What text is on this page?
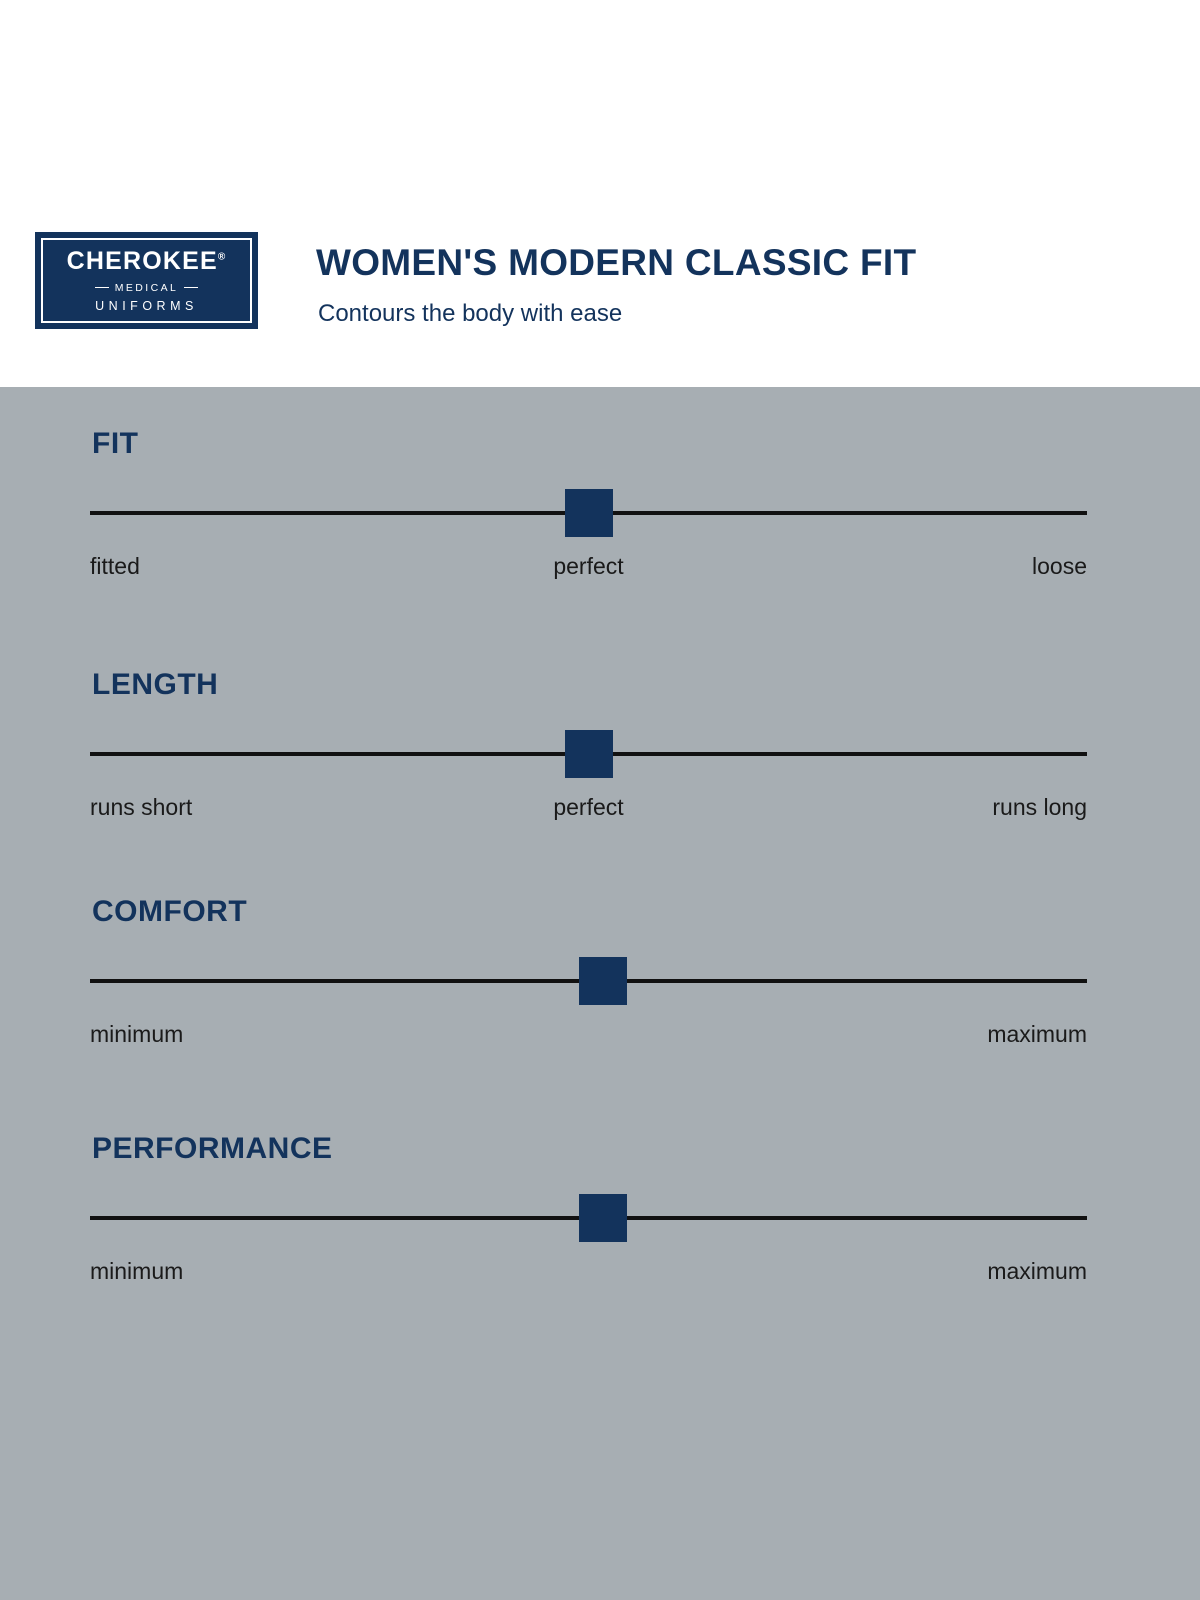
CHEROKEE®
MEDICAL
UNIFORMS
WOMEN'S MODERN CLASSIC FIT
Contours the body with ease
FIT
fitted	perfect	loose
LENGTH
runs short	perfect	runs long
COMFORT
minimum	maximum
PERFORMANCE
minimum	maximum
